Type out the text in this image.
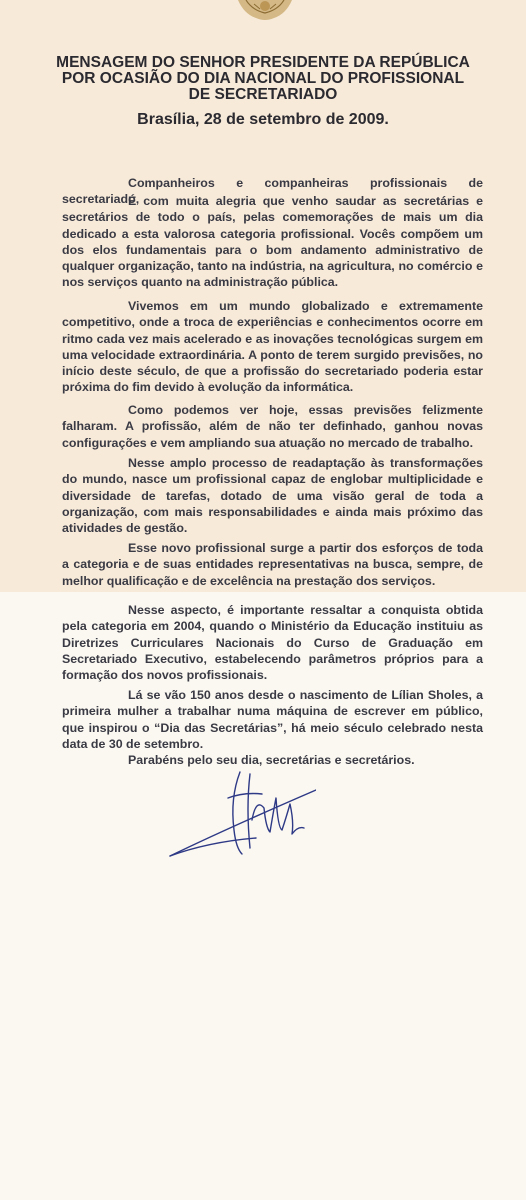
MENSAGEM DO SENHOR PRESIDENTE DA REPÚBLICA
POR OCASIÃO DO DIA NACIONAL DO PROFISSIONAL
DE SECRETARIADO
Brasília, 28 de setembro de 2009.
Companheiros e companheiras profissionais de secretariado,
É com muita alegria que venho saudar as secretárias e secretários de todo o país, pelas comemorações de mais um dia dedicado a esta valorosa categoria profissional. Vocês compõem um dos elos fundamentais para o bom andamento administrativo de qualquer organização, tanto na indústria, na agricultura, no comércio e nos serviços quanto na administração pública.
Vivemos em um mundo globalizado e extremamente competitivo, onde a troca de experiências e conhecimentos ocorre em ritmo cada vez mais acelerado e as inovações tecnológicas surgem em uma velocidade extraordinária. A ponto de terem surgido previsões, no início deste século, de que a profissão do secretariado poderia estar próxima do fim devido à evolução da informática.
Como podemos ver hoje, essas previsões felizmente falharam. A profissão, além de não ter definhado, ganhou novas configurações e vem ampliando sua atuação no mercado de trabalho.
Nesse amplo processo de readaptação às transformações do mundo, nasce um profissional capaz de englobar multiplicidade e diversidade de tarefas, dotado de uma visão geral de toda a organização, com mais responsabilidades e ainda mais próximo das atividades de gestão.
Esse novo profissional surge a partir dos esforços de toda a categoria e de suas entidades representativas na busca, sempre, de melhor qualificação e de excelência na prestação dos serviços.
Nesse aspecto, é importante ressaltar a conquista obtida pela categoria em 2004, quando o Ministério da Educação instituiu as Diretrizes Curriculares Nacionais do Curso de Graduação em Secretariado Executivo, estabelecendo parâmetros próprios para a formação dos novos profissionais.
Lá se vão 150 anos desde o nascimento de Lílian Sholes, a primeira mulher a trabalhar numa máquina de escrever em público, que inspirou o “Dia das Secretárias”, há meio século celebrado nesta data de 30 de setembro.
Parabéns pelo seu dia, secretárias e secretários.
